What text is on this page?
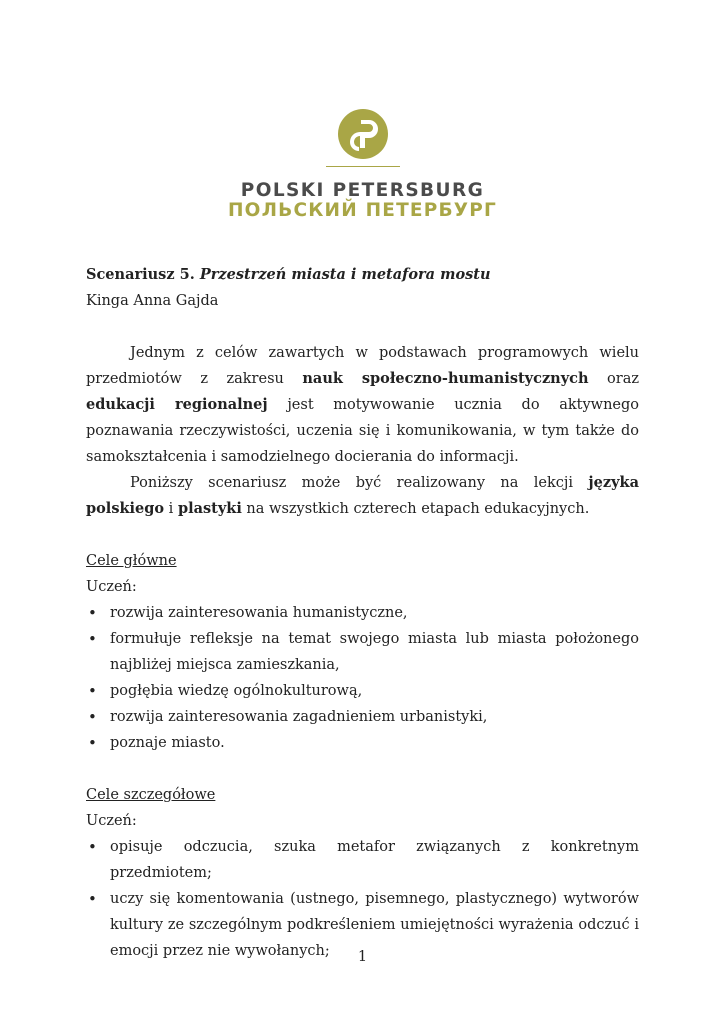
POLSKI PETERSBURG
ПОЛЬСКИЙ ПЕТЕРБУРГ

Scenariusz 5. Przestrzeń miasta i metafora mostu

Kinga Anna Gajda

Jednym z celów zawartych w podstawach programowych wielu przedmiotów z zakresu nauk społeczno-humanistycznych oraz edukacji regionalnej jest motywowanie ucznia do aktywnego poznawania rzeczywistości, uczenia się i komunikowania, w tym także do samokształcenia i samodzielnego docierania do informacji.

Poniższy scenariusz może być realizowany na lekcji języka polskiego i plastyki na wszystkich czterech etapach edukacyjnych.

Cele główne

Uczeń:

• rozwija zainteresowania humanistyczne,
• formułuje refleksje na temat swojego miasta lub miasta położonego najbliżej miejsca zamieszkania,
• pogłębia wiedzę ogólnokulturową,
• rozwija zainteresowania zagadnieniem urbanistyki,
• poznaje miasto.

Cele szczegółowe

Uczeń:

• opisuje odczucia, szuka metafor związanych z konkretnym przedmiotem;
• uczy się komentowania (ustnego, pisemnego, plastycznego) wytworów kultury ze szczególnym podkreśleniem umiejętności wyrażenia odczuć i emocji przez nie wywołanych;	1
